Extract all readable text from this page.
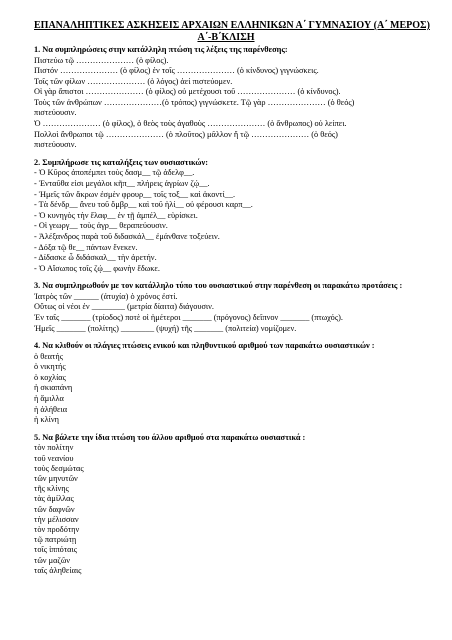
ΕΠΑΝΑΛΗΠΤΙΚΕΣ ΑΣΚΗΣΕΙΣ ΑΡΧΑΙΩΝ ΕΛΛΗΝΙΚΩΝ Α΄ ΓΥΜΝΑΣΙΟΥ (Α΄ ΜΕΡΟΣ)
Α΄-Β΄ΚΛΙΣΗ
1. Να συμπληρώσεις στην κατάλληλη πτώση τις λέξεις της παρένθεσης:
Πιστεύω τῷ ………………… (ὁ φίλος).
Πιστόν ………………… (ὁ φίλος) ἐν τοῖς ………………… (ὁ κίνδυνος) γιγνώσκεις.
Τοῖς τῶν φίλων ………………… (ὁ λόγος) ἀεί πιστεύομεν.
Οἱ γὰρ ἄπιστοι ………………… (ὁ φίλος) οὐ μετέχουσι τοῦ ………………… (ὁ κίνδυνος).
Τοὺς τῶν ἀνθρώπων …………………(ὁ τρόπος) γιγνώσκετε. Τῷ γὰρ ………………… (ὁ θεός)
πιστεύουσιν.
Ὁ ………………… (ὁ φίλος), ὁ θεὸς τοὺς ἀγαθοὺς ………………… (ὁ ἄνθρωπος) οὐ λείπει.
Πολλοὶ ἄνθρωποι τῷ ………………… (ὁ πλοῦτος) μᾶλλον ἤ τῷ ………………… (ὁ θεός)
πιστεύουσιν.
2. Συμπλήρωσε τις καταλήξεις των ουσιαστικών:
- Ὁ Κῦρος ἀποπέμπει τοὺς δασμ__ τῷ ἀδελφ__.
- Ἐνταῦθα εἰσι μεγάλοι κῆπ__ πλήρεις ἀγρίων ζῴ__.
- Ἡμεῖς τῶν ἄκρων ἐσμὲν φρουρ__ τοῖς τοξ__ καὶ ἀκοντί__.
- Τὰ δένδρ__ ἄνευ τοῦ ὄμβρ__ καὶ τοῦ ἡλί__ οὐ φέρουσι καρπ__.
- Ὁ κυνηγὸς τὴν ἔλαφ__ ἐν τῇ ἀμπέλ__ εὑρίσκει.
- Οἱ γεωργ__ τοὺς ἀγρ__ θεραπεύουσιν.
- Ἀλέξανδρος παρὰ τοῦ διδασκάλ__ ἐμάνθανε τοξεύειν.
- Δόξα τῷ θε__ πάντων ἕνεκεν.
- Δίδασκε ὦ διδάσκαλ__ τὴν ἀρετήν.
- Ὁ Αἴσωπος τοῖς ζῴ__ φωνὴν ἔδωκε.
3. Να συμπληρωθούν με τον κατάλληλο τύπο του ουσιαστικού στην παρένθεση οι παρακάτω προτάσεις :
Ἰατρὸς τῶν ______ (ἀτυχία) ὁ χρόνος ἐστί.
Οὕτως οἱ νέοι ἐν ________ (μετρία δίαιτα) διάγουσιν.
Ἐν ταῖς _______ (τρίοδος) ποτὲ οἱ ἡμέτεροι _______ (πρόγονος) δεῖπνον _______ (πτωχός).
Ἡμεῖς _______ (πολίτης) ________ (ψυχή) τῆς _______ (πολιτεία) νομίζομεν.
4. Να κλιθούν οι πλάγιες πτώσεις ενικού και πληθυντικού αριθμού των παρακάτω ουσιαστικών :
ὁ θεατής
ὁ νικητής
ὁ κοχλίας
ἡ σκιαπάνη
ἡ ἅμιλλα
ἡ ἀλήθεια
ἡ κλίνη
5. Να βάλετε την ίδια πτώση του άλλου αριθμού στα παρακάτω ουσιαστικά :
τὸν πολίτην
τοῦ νεανίου
τοὺς δεσμώτας
τῶν μηνυτῶν
τῆς κλίνης
τὰς ἁμίλλας
τῶν δαφνῶν
τὴν μέλισσαν
τὸν προδότην
τῷ πατριώτῃ
τοῖς ἱππόταις
τῶν μαζῶν
ταῖς ἀληθείαις
